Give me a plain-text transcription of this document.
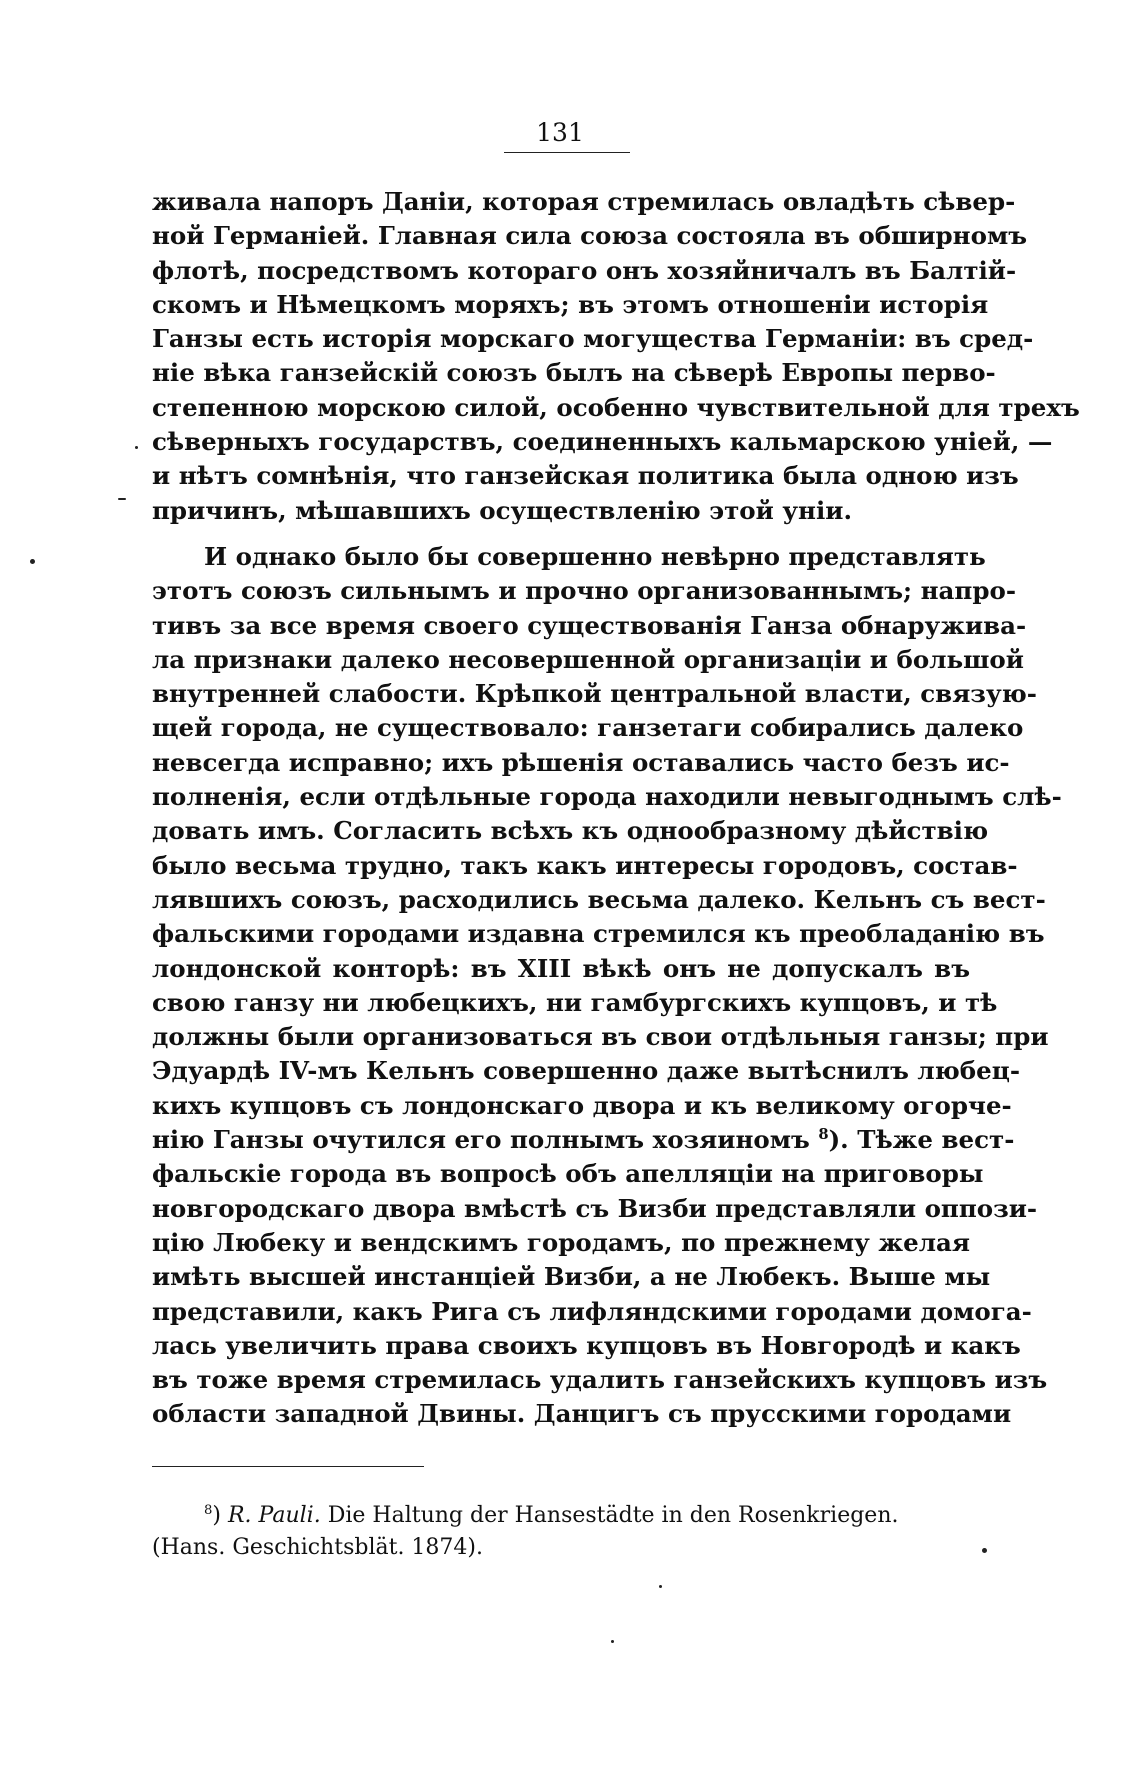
131
живала напоръ Даніи, которая стремилась овладѣть сѣвер-
ной Германіей. Главная сила союза состояла въ обширномъ
флотѣ, посредствомъ котораго онъ хозяйничалъ въ Балтій-
скомъ и Нѣмецкомъ моряхъ; въ этомъ отношеніи исторія
Ганзы есть исторія морскаго могущества Германіи: въ сред-
ніе вѣка ганзейскій союзъ былъ на сѣверѣ Европы перво-
степенною морскою силой, особенно чувствительной для трехъ
сѣверныхъ государствъ, соединенныхъ кальмарскою уніей, —
и нѣтъ сомнѣнія, что ганзейская политика была одною изъ
причинъ, мѣшавшихъ осуществленію этой уніи.
И однако было бы совершенно невѣрно представлять
этотъ союзъ сильнымъ и прочно организованнымъ; напро-
тивъ за все время своего существованія Ганза обнаружива-
ла признаки далеко несовершенной организаціи и большой
внутренней слабости. Крѣпкой центральной власти, связую-
щей города, не существовало: ганзетаги собирались далеко
невсегда исправно; ихъ рѣшенія оставались часто безъ ис-
полненія, если отдѣльные города находили невыгоднымъ слѣ-
довать имъ. Согласить всѣхъ къ однообразному дѣйствію
было весьма трудно, такъ какъ интересы городовъ, состав-
лявшихъ союзъ, расходились весьма далеко. Кельнъ съ вест-
фальскими городами издавна стремился къ преобладанію въ
лондонской конторѣ: въ XIII вѣкѣ онъ не допускалъ въ
свою ганзу ни любецкихъ, ни гамбургскихъ купцовъ, и тѣ
должны были организоваться въ свои отдѣльныя ганзы; при
Эдуардѣ IV-мъ Кельнъ совершенно даже вытѣснилъ любец-
кихъ купцовъ съ лондонскаго двора и къ великому огорче-
нію Ганзы очутился его полнымъ хозяиномъ $^8$). Тѣже вест-
фальскіе города въ вопросѣ объ апелляціи на приговоры
новгородскаго двора вмѣстѣ съ Визби представляли оппози-
цію Любеку и вендскимъ городамъ, по прежнему желая
имѣть высшей инстанціей Визби, а не Любекъ. Выше мы
представили, какъ Рига съ лифляндскими городами домога-
лась увеличить права своихъ купцовъ въ Новгородѣ и какъ
въ тоже время стремилась удалить ганзейскихъ купцовъ изъ
области западной Двины. Данцигъ съ прусскими городами
$^8$) R. Pauli. Die Haltung der Hansestädte in den Rosenkriegen.
(Hans. Geschichtsblät. 1874).
